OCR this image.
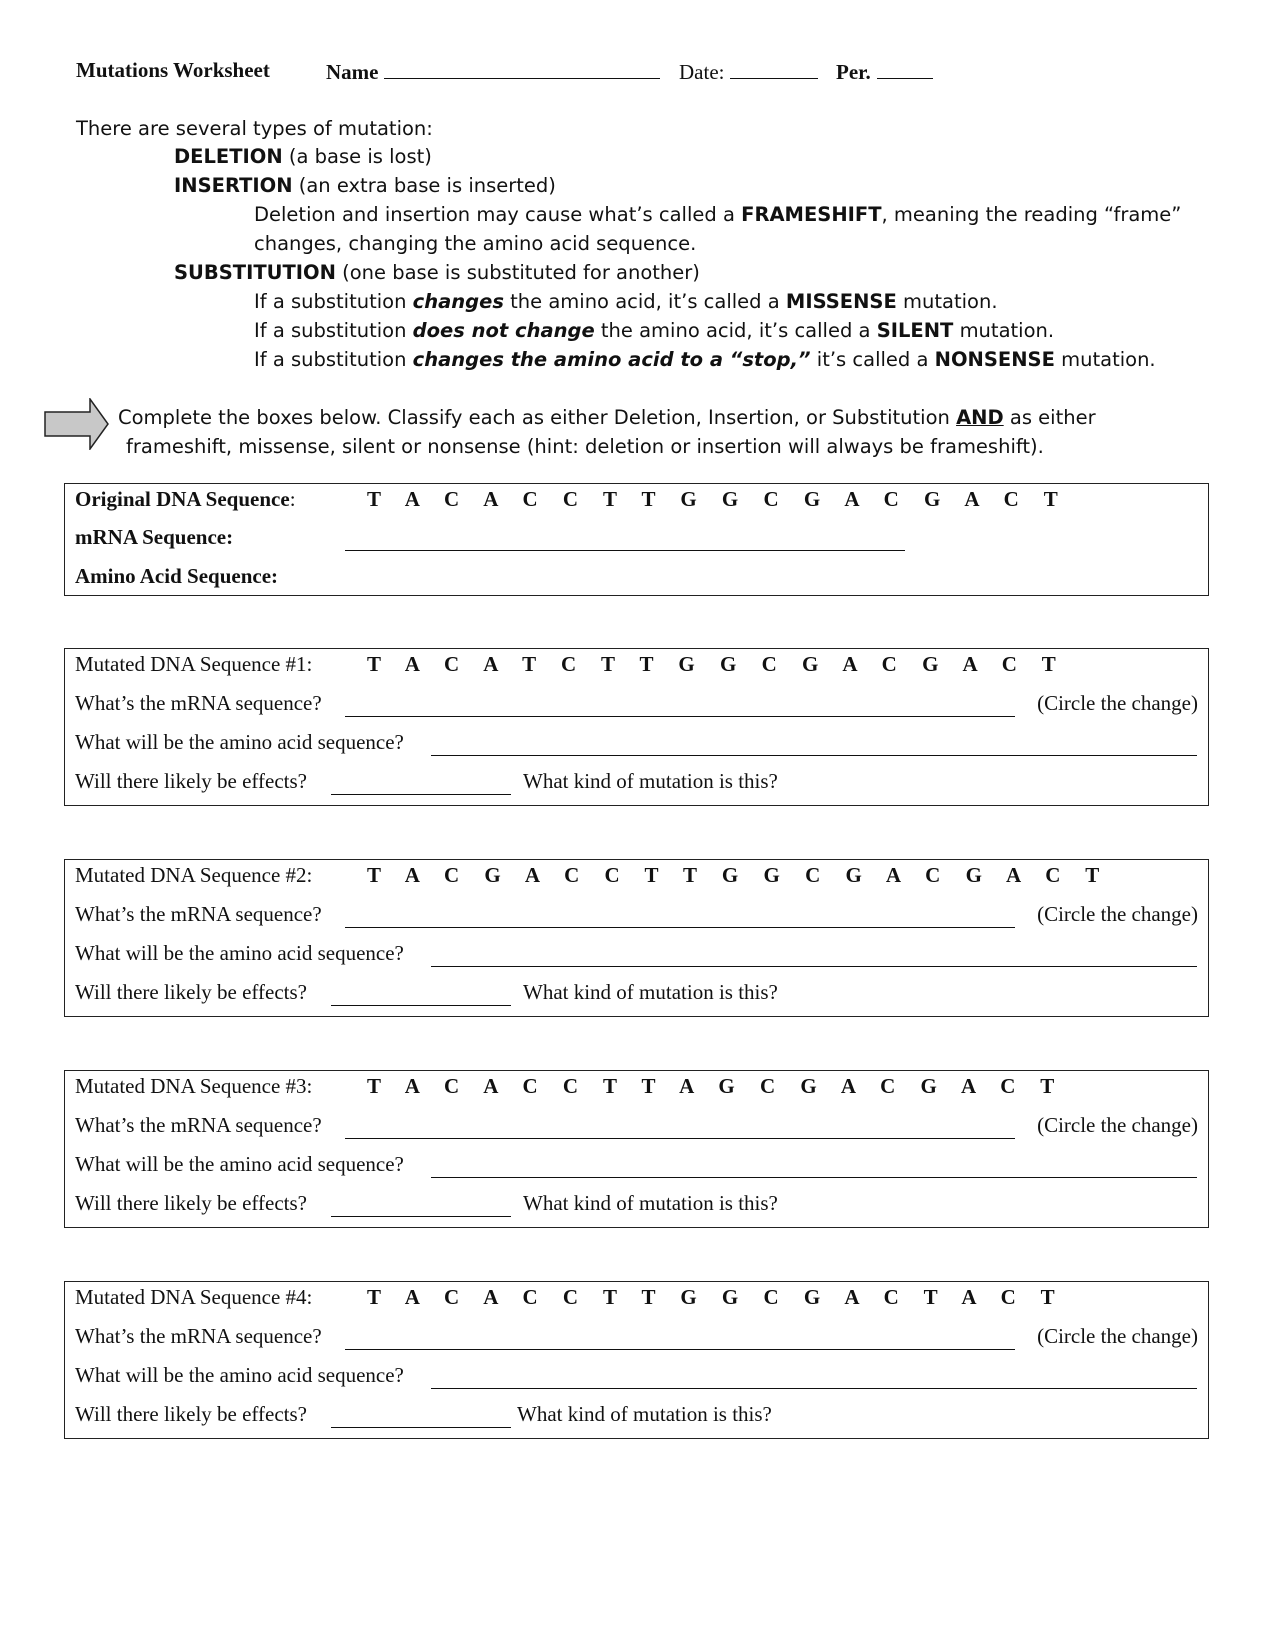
Mutations Worksheet	Name	Date:	Per.
There are several types of mutation:
DELETION (a base is lost)
INSERTION (an extra base is inserted)
Deletion and insertion may cause what’s called a FRAMESHIFT, meaning the reading “frame”
changes, changing the amino acid sequence.
SUBSTITUTION (one base is substituted for another)
If a substitution changes the amino acid, it’s called a MISSENSE mutation.
If a substitution does not change the amino acid, it’s called a SILENT mutation.
If a substitution changes the amino acid to a “stop,” it’s called a NONSENSE mutation.
Complete the boxes below. Classify each as either Deletion, Insertion, or Substitution AND as either
frameshift, missense, silent or nonsense (hint: deletion or insertion will always be frameshift).
Original DNA Sequence:	T A C A C C T T G G C G A C G A C T
mRNA Sequence:
Amino Acid Sequence:
Mutated DNA Sequence #1:	T A C A T C T T G G C G A C G A C T
What’s the mRNA sequence?	(Circle the change)
What will be the amino acid sequence?
Will there likely be effects?	What kind of mutation is this?
Mutated DNA Sequence #2:	T A C G A C C T T G G C G A C G A C T
What’s the mRNA sequence?	(Circle the change)
What will be the amino acid sequence?
Will there likely be effects?	What kind of mutation is this?
Mutated DNA Sequence #3:	T A C A C C T T A G C G A C G A C T
What’s the mRNA sequence?	(Circle the change)
What will be the amino acid sequence?
Will there likely be effects?	What kind of mutation is this?
Mutated DNA Sequence #4:	T A C A C C T T G G C G A C T A C T
What’s the mRNA sequence?	(Circle the change)
What will be the amino acid sequence?
Will there likely be effects?	What kind of mutation is this?
